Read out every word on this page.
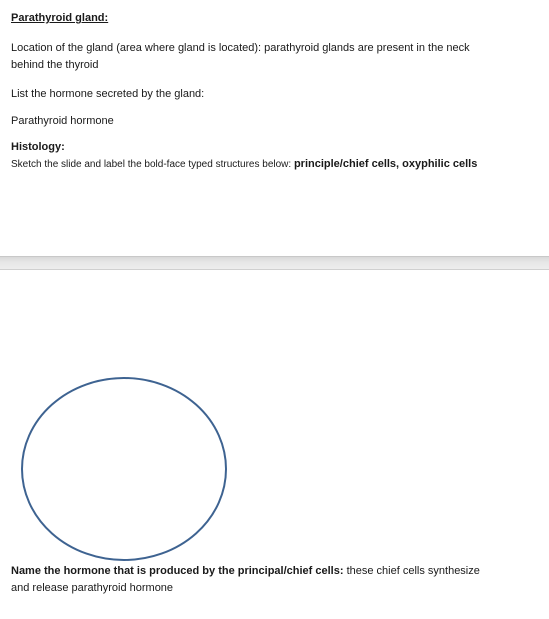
Parathyroid gland:
Location of the gland (area where gland is located): parathyroid glands are present in the neck
behind the thyroid
List the hormone secreted by the gland:
Parathyroid hormone
Histology:
Sketch the slide and label the bold-face typed structures below: principle/chief cells, oxyphilic cells
Name the hormone that is produced by the principal/chief cells: these chief cells synthesize
and release parathyroid hormone
